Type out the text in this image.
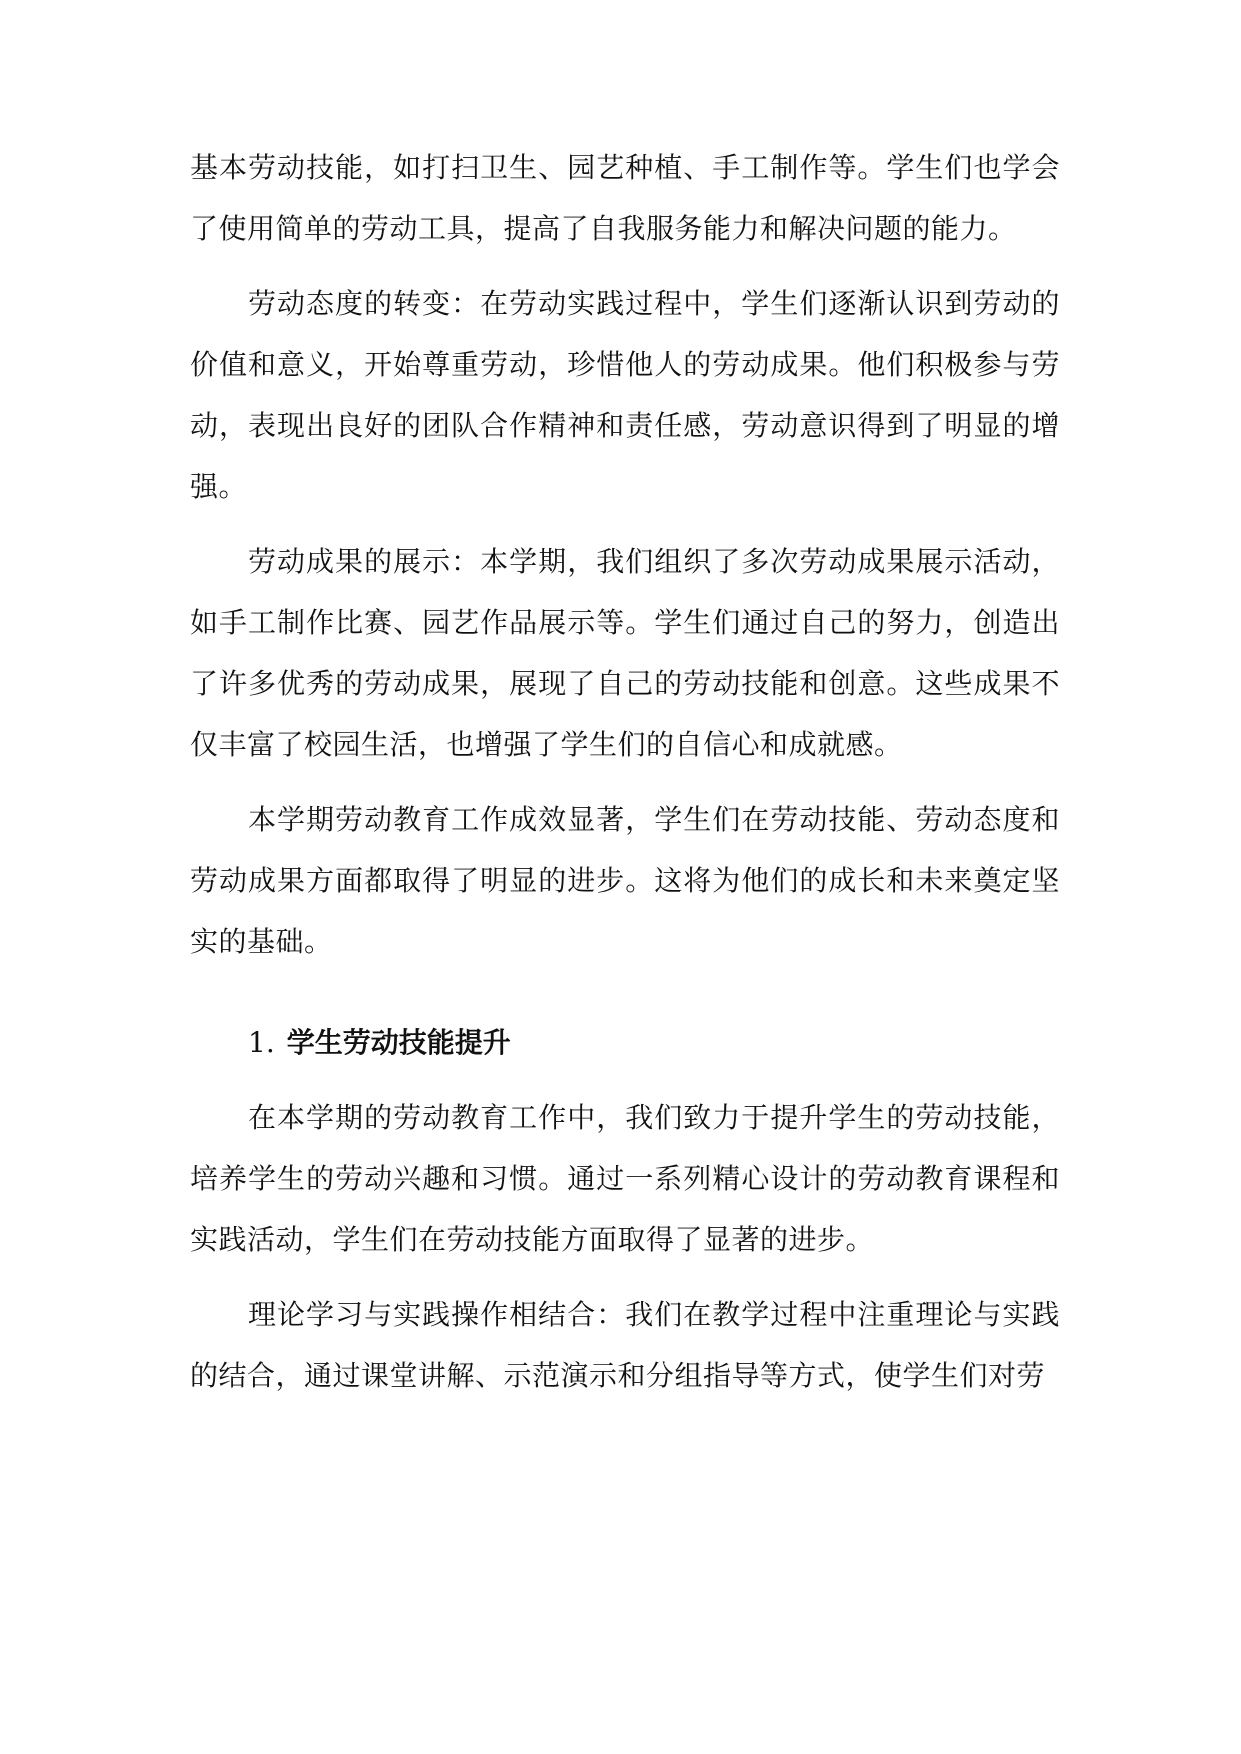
基本劳动技能，如打扫卫生、园艺种植、手工制作等。学生们也学会了使用简单的劳动工具，提高了自我服务能力和解决问题的能力。

劳动态度的转变：在劳动实践过程中，学生们逐渐认识到劳动的价值和意义，开始尊重劳动，珍惜他人的劳动成果。他们积极参与劳动，表现出良好的团队合作精神和责任感，劳动意识得到了明显的增强。

劳动成果的展示：本学期，我们组织了多次劳动成果展示活动，如手工制作比赛、园艺作品展示等。学生们通过自己的努力，创造出了许多优秀的劳动成果，展现了自己的劳动技能和创意。这些成果不仅丰富了校园生活，也增强了学生们的自信心和成就感。

本学期劳动教育工作成效显著，学生们在劳动技能、劳动态度和劳动成果方面都取得了明显的进步。这将为他们的成长和未来奠定坚实的基础。

1. 学生劳动技能提升

在本学期的劳动教育工作中，我们致力于提升学生的劳动技能，培养学生的劳动兴趣和习惯。通过一系列精心设计的劳动教育课程和实践活动，学生们在劳动技能方面取得了显著的进步。

理论学习与实践操作相结合：我们在教学过程中注重理论与实践的结合，通过课堂讲解、示范演示和分组指导等方式，使学生们对劳
